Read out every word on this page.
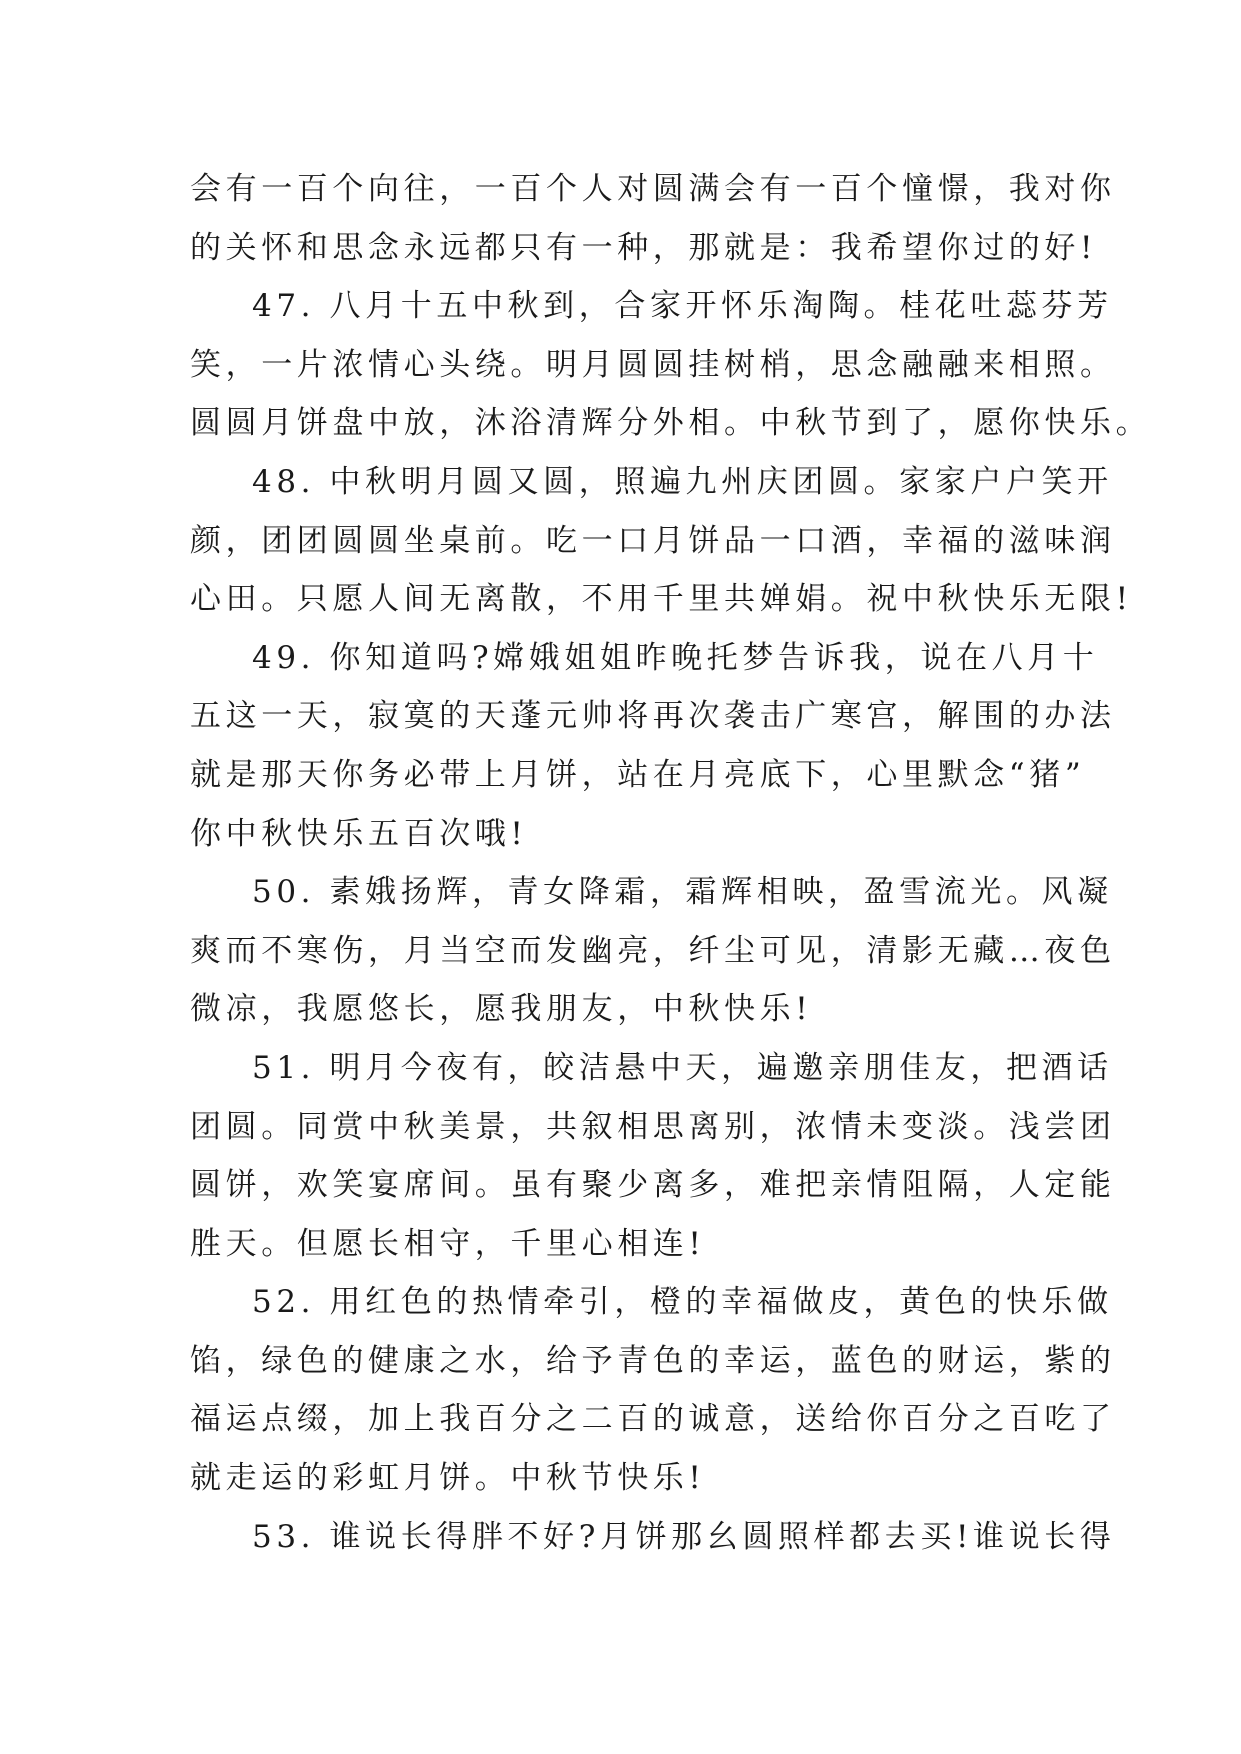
会有一百个向往，一百个人对圆满会有一百个憧憬，我对你
的关怀和思念永远都只有一种，那就是：我希望你过的好!
47. 八月十五中秋到，合家开怀乐淘陶。桂花吐蕊芬芳
笑，一片浓情心头绕。明月圆圆挂树梢，思念融融来相照。
圆圆月饼盘中放，沐浴清辉分外相。中秋节到了，愿你快乐。
48. 中秋明月圆又圆，照遍九州庆团圆。家家户户笑开
颜，团团圆圆坐桌前。吃一口月饼品一口酒，幸福的滋味润
心田。只愿人间无离散，不用千里共婵娟。祝中秋快乐无限!
49. 你知道吗?嫦娥姐姐昨晚托梦告诉我，说在八月十
五这一天，寂寞的天蓬元帅将再次袭击广寒宫，解围的办法
就是那天你务必带上月饼，站在月亮底下，心里默念“猪”
你中秋快乐五百次哦!
50. 素娥扬辉，青女降霜，霜辉相映，盈雪流光。风凝
爽而不寒伤，月当空而发幽亮，纤尘可见，清影无藏…夜色
微凉，我愿悠长，愿我朋友，中秋快乐!
51. 明月今夜有，皎洁悬中天，遍邀亲朋佳友，把酒话
团圆。同赏中秋美景，共叙相思离别，浓情未变淡。浅尝团
圆饼，欢笑宴席间。虽有聚少离多，难把亲情阻隔，人定能
胜天。但愿长相守，千里心相连!
52. 用红色的热情牵引，橙的幸福做皮，黄色的快乐做
馅，绿色的健康之水，给予青色的幸运，蓝色的财运，紫的
福运点缀，加上我百分之二百的诚意，送给你百分之百吃了
就走运的彩虹月饼。中秋节快乐!
53. 谁说长得胖不好?月饼那幺圆照样都去买!谁说长得
